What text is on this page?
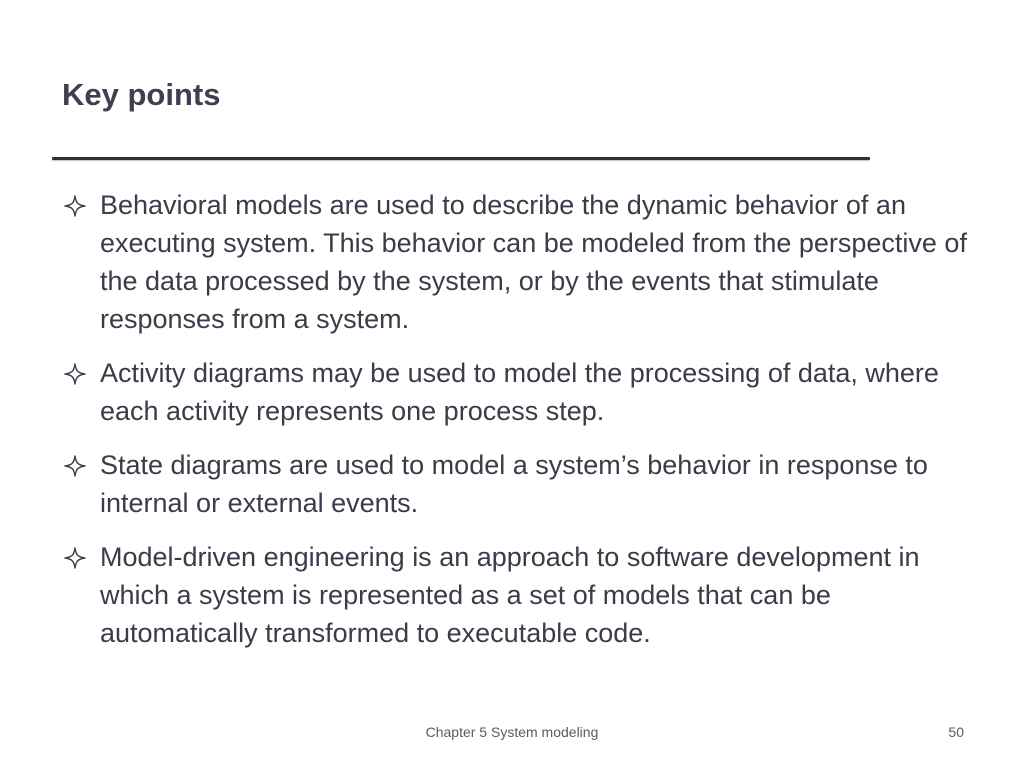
Key points
Behavioral models are used to describe the dynamic behavior of an executing system. This behavior can be modeled from the perspective of the data processed by the system, or by the events that stimulate responses from a system.
Activity diagrams may be used to model the processing of data, where each activity represents one process step.
State diagrams are used to model a system’s behavior in response to internal or external events.
Model-driven engineering is an approach to software development in which a system is represented as a set of models that can be automatically transformed to executable code.
Chapter 5 System modeling	50
